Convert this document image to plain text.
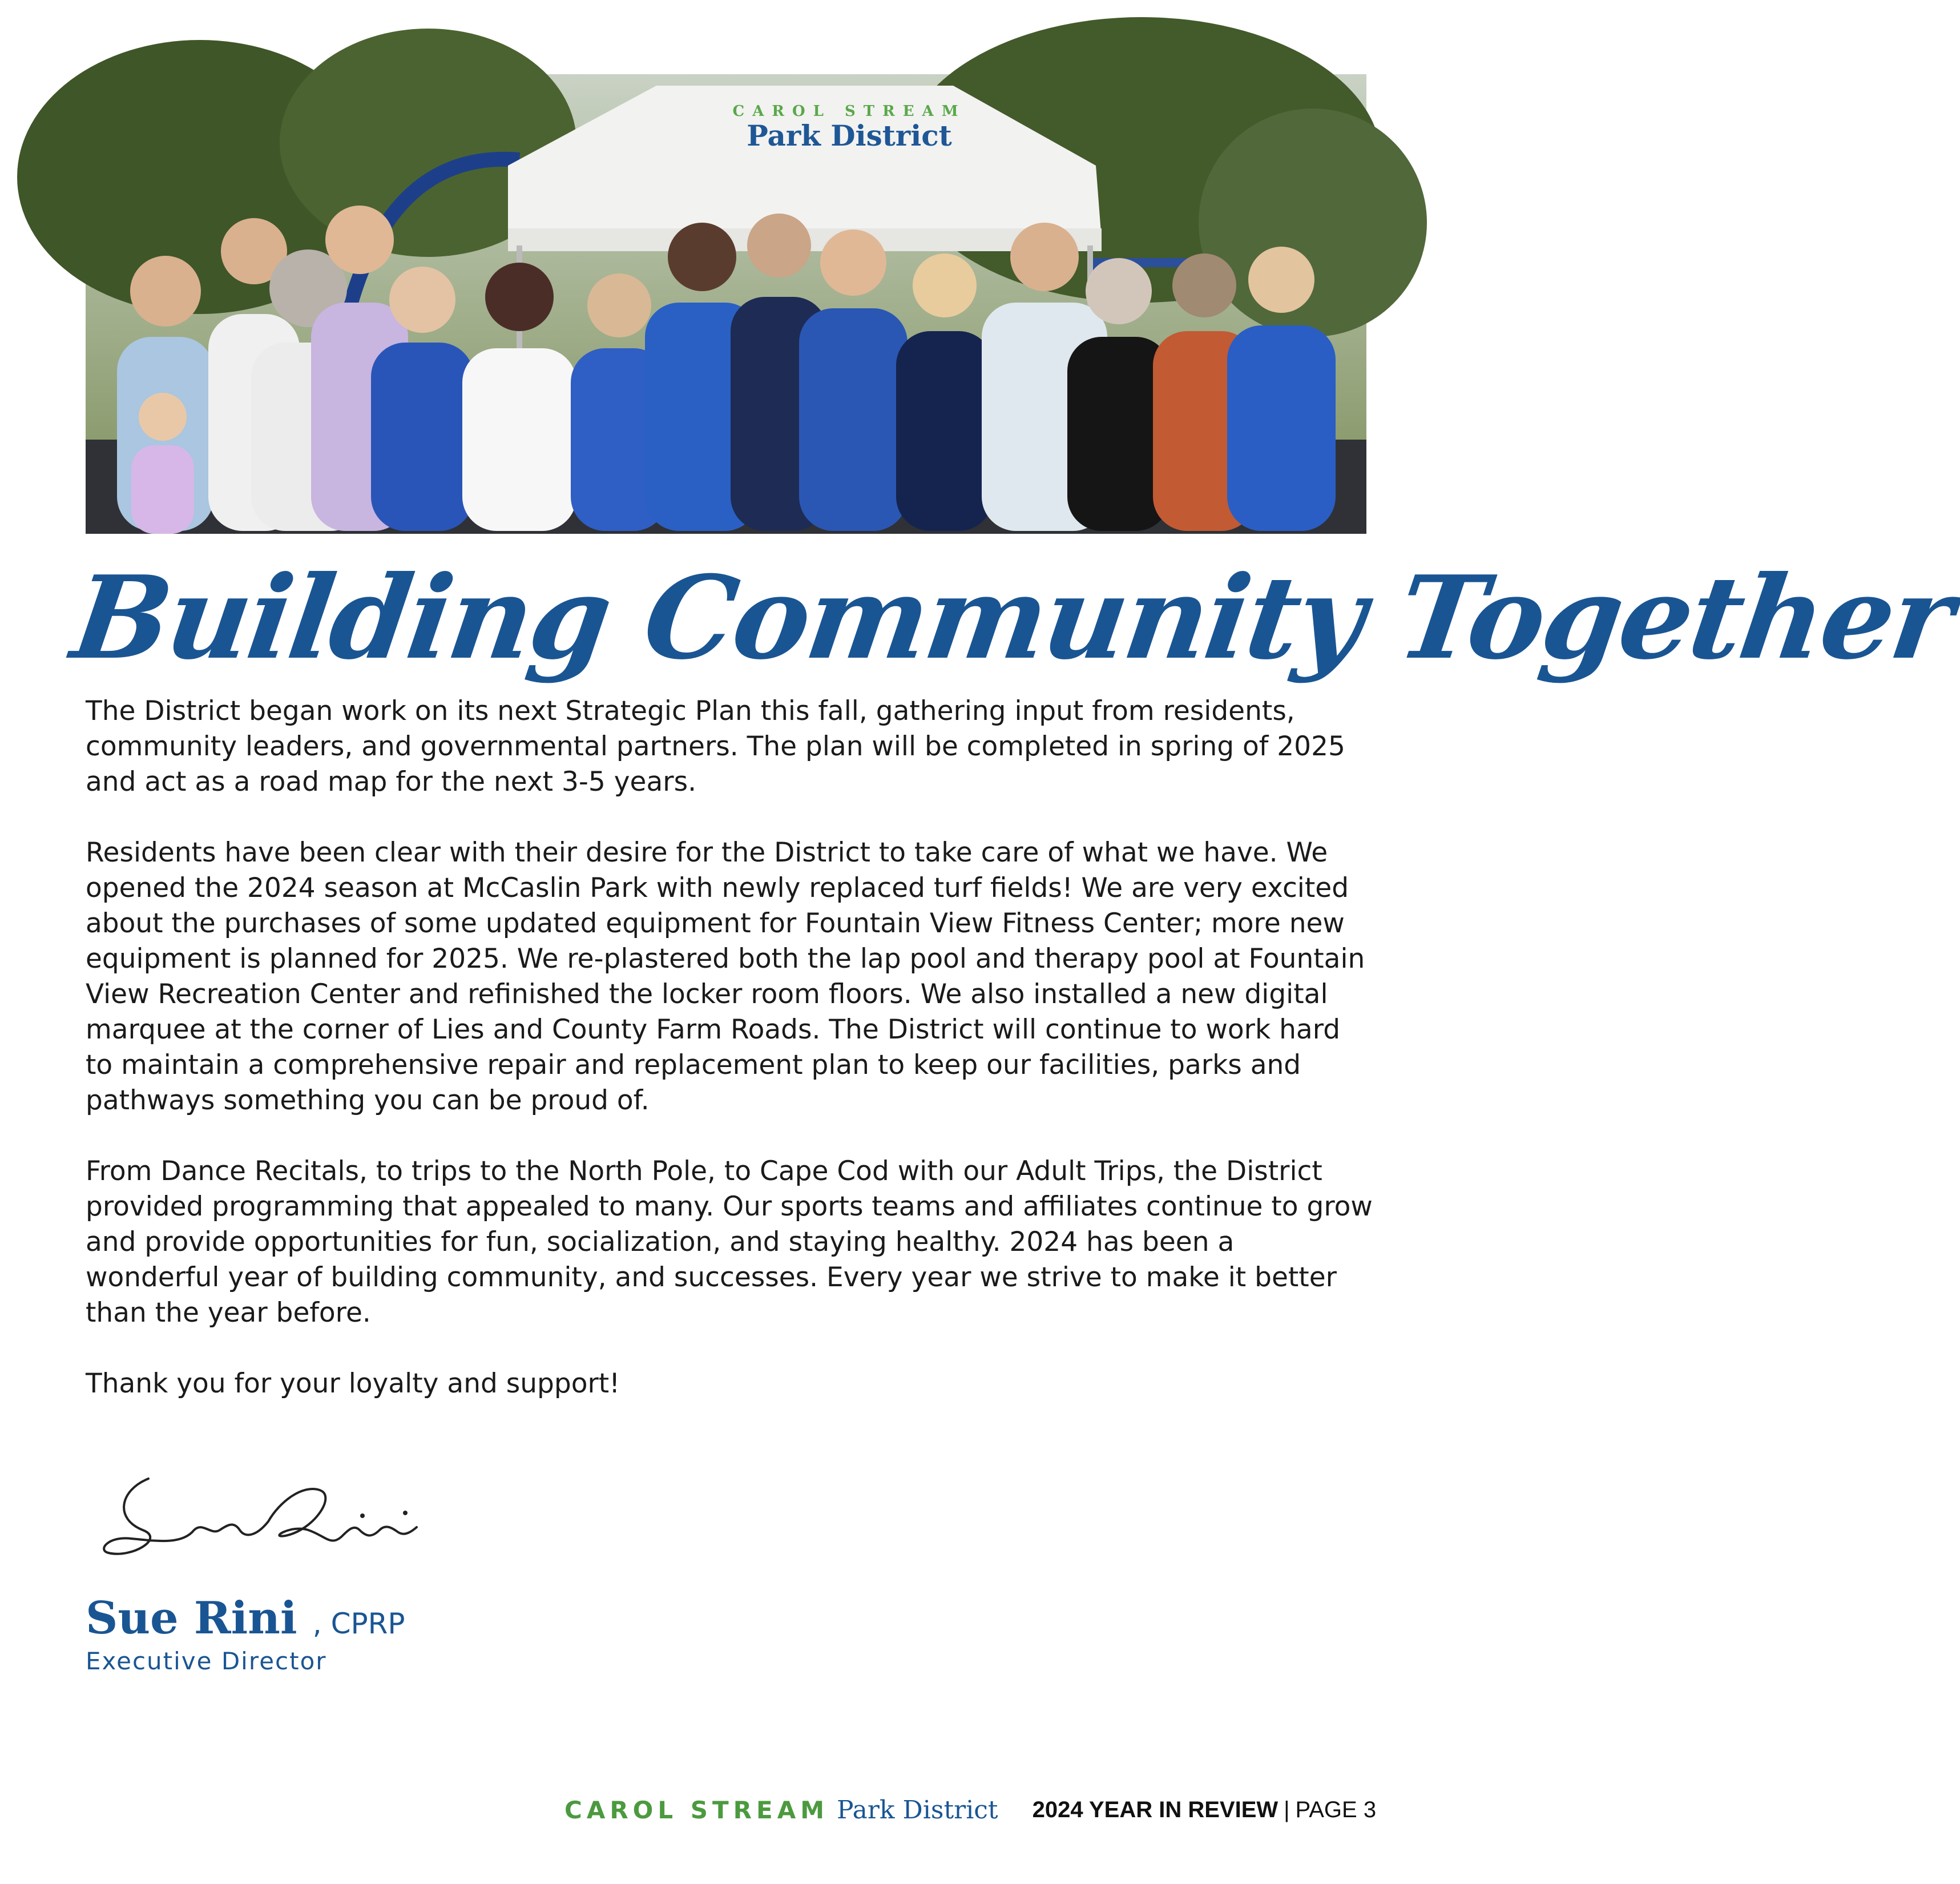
CAROL STREAM
Park District
Building Community Together

The District began work on its next Strategic Plan this fall, gathering input from residents, community leaders, and governmental partners. The plan will be completed in spring of 2025 and act as a road map for the next 3-5 years.

Residents have been clear with their desire for the District to take care of what we have. We opened the 2024 season at McCaslin Park with newly replaced turf fields! We are very excited about the purchases of some updated equipment for Fountain View Fitness Center; more new equipment is planned for 2025. We re-plastered both the lap pool and therapy pool at Fountain View Recreation Center and refinished the locker room floors. We also installed a new digital marquee at the corner of Lies and County Farm Roads. The District will continue to work hard to maintain a comprehensive repair and replacement plan to keep our facilities, parks and pathways something you can be proud of.

From Dance Recitals, to trips to the North Pole, to Cape Cod with our Adult Trips, the District provided programming that appealed to many. Our sports teams and affiliates continue to grow and provide opportunities for fun, socialization, and staying healthy. 2024 has been a wonderful year of building community, and successes. Every year we strive to make it better than the year before.

Thank you for your loyalty and support!

Sue Rini , CPRP
Executive Director
CAROL STREAM Park District 2024 YEAR IN REVIEW | PAGE 3
